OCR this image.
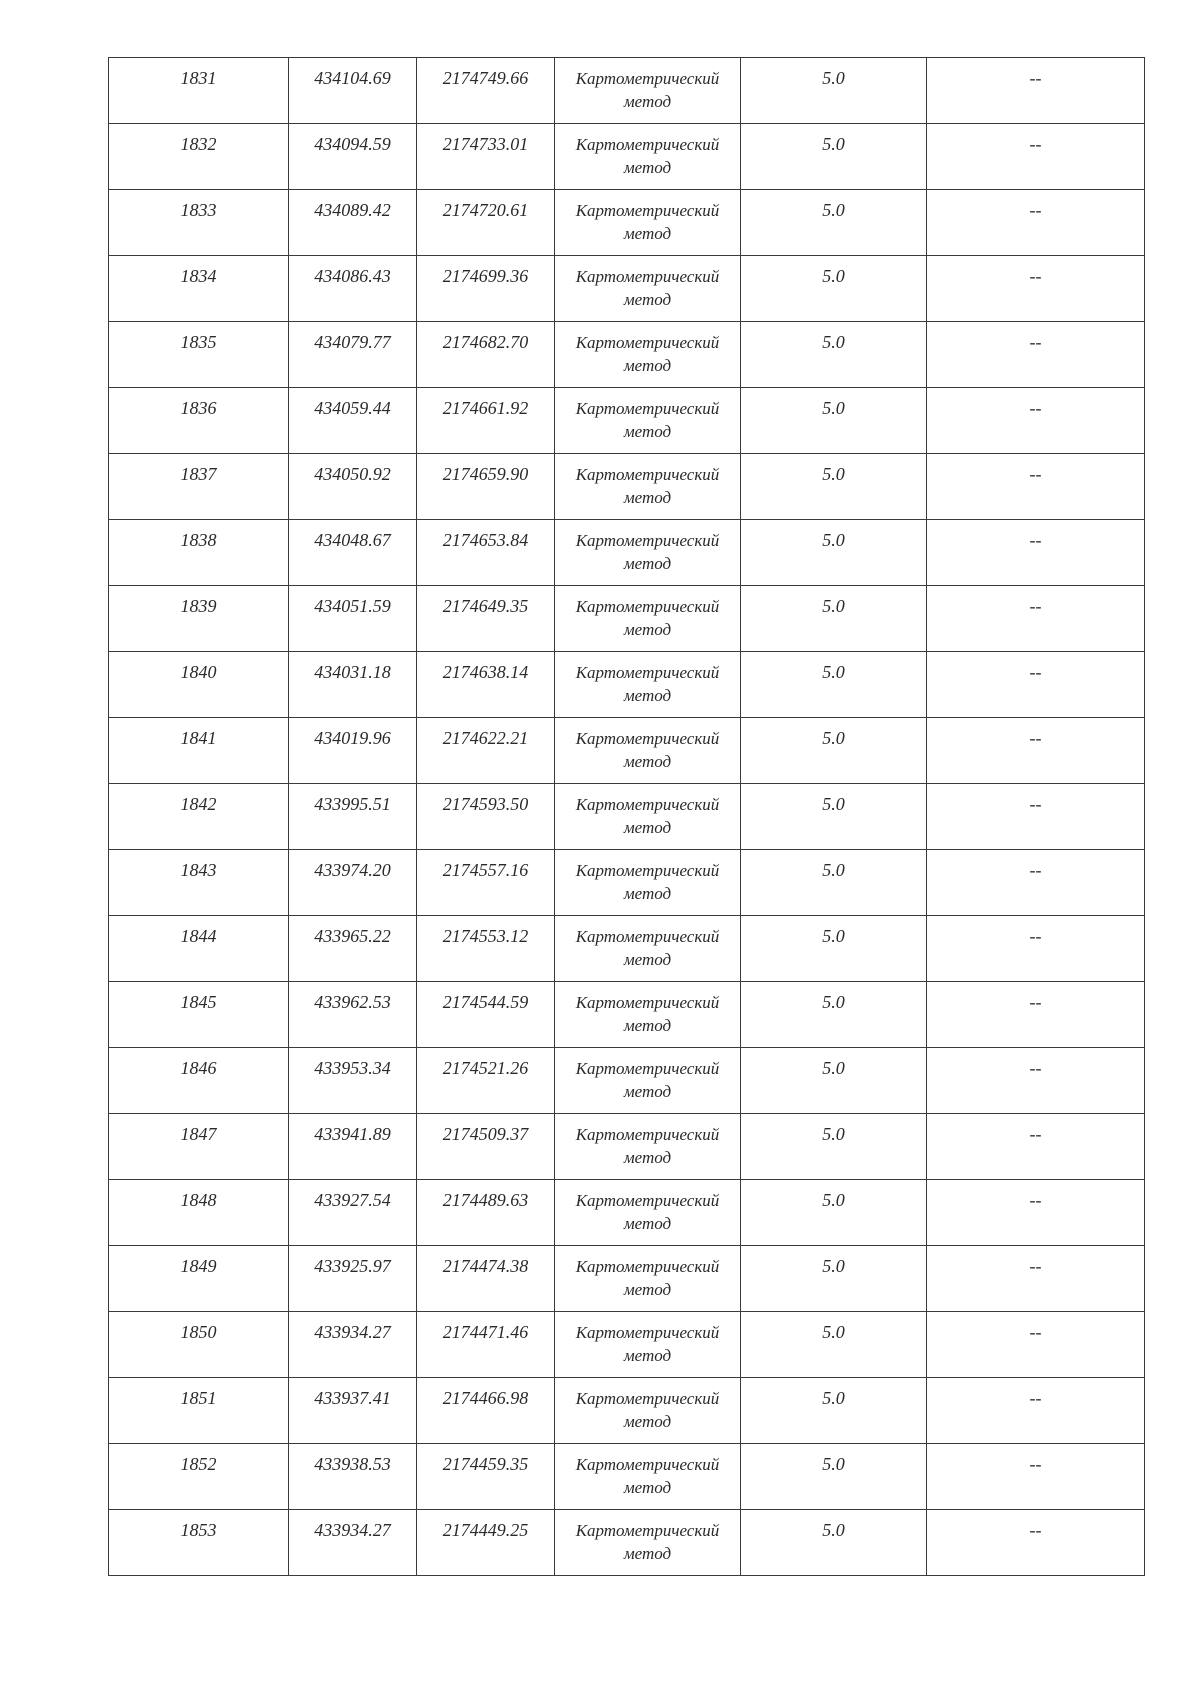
1831	434104.69	2174749.66	Картометрический
метод	5.0	--
1832	434094.59	2174733.01	Картометрический
метод	5.0	--
1833	434089.42	2174720.61	Картометрический
метод	5.0	--
1834	434086.43	2174699.36	Картометрический
метод	5.0	--
1835	434079.77	2174682.70	Картометрический
метод	5.0	--
1836	434059.44	2174661.92	Картометрический
метод	5.0	--
1837	434050.92	2174659.90	Картометрический
метод	5.0	--
1838	434048.67	2174653.84	Картометрический
метод	5.0	--
1839	434051.59	2174649.35	Картометрический
метод	5.0	--
1840	434031.18	2174638.14	Картометрический
метод	5.0	--
1841	434019.96	2174622.21	Картометрический
метод	5.0	--
1842	433995.51	2174593.50	Картометрический
метод	5.0	--
1843	433974.20	2174557.16	Картометрический
метод	5.0	--
1844	433965.22	2174553.12	Картометрический
метод	5.0	--
1845	433962.53	2174544.59	Картометрический
метод	5.0	--
1846	433953.34	2174521.26	Картометрический
метод	5.0	--
1847	433941.89	2174509.37	Картометрический
метод	5.0	--
1848	433927.54	2174489.63	Картометрический
метод	5.0	--
1849	433925.97	2174474.38	Картометрический
метод	5.0	--
1850	433934.27	2174471.46	Картометрический
метод	5.0	--
1851	433937.41	2174466.98	Картометрический
метод	5.0	--
1852	433938.53	2174459.35	Картометрический
метод	5.0	--
1853	433934.27	2174449.25	Картометрический
метод	5.0	--
